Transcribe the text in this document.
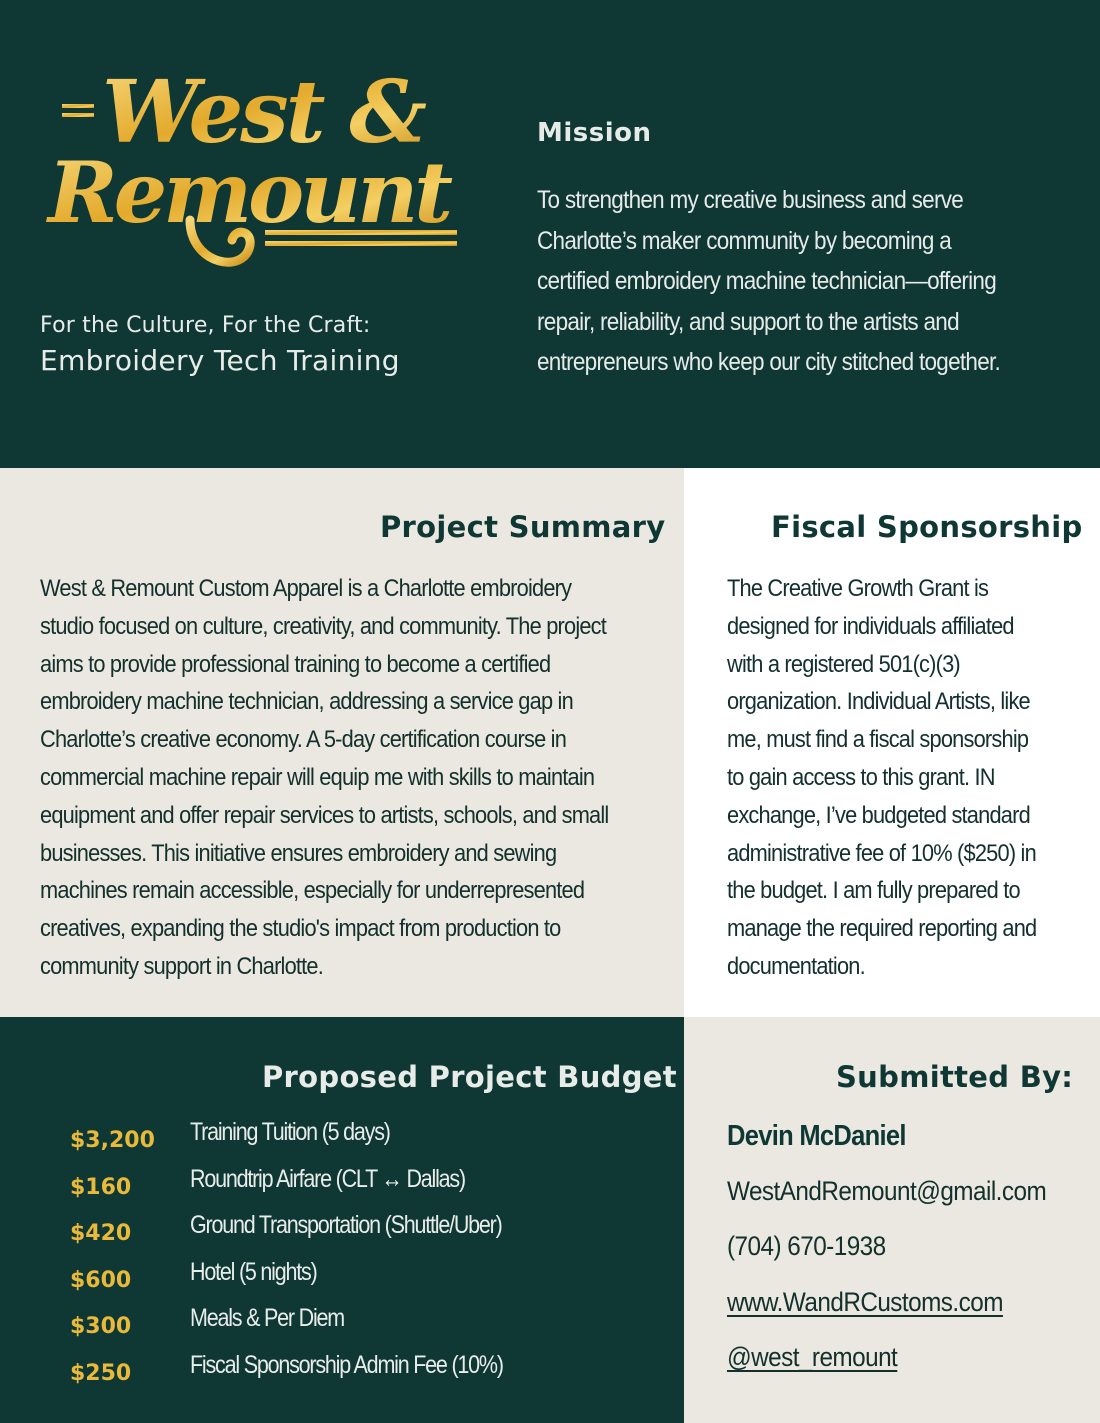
West &
Remount
For the Culture, For the Craft:
Embroidery Tech Training
Mission
To strengthen my creative business and serve
Charlotte’s maker community by becoming a
certified embroidery machine technician—offering
repair, reliability, and support to the artists and
entrepreneurs who keep our city stitched together.
Project Summary
West & Remount Custom Apparel is a Charlotte embroidery
studio focused on culture, creativity, and community. The project
aims to provide professional training to become a certified
embroidery machine technician, addressing a service gap in
Charlotte’s creative economy. A 5-day certification course in
commercial machine repair will equip me with skills to maintain
equipment and offer repair services to artists, schools, and small
businesses. This initiative ensures embroidery and sewing
machines remain accessible, especially for underrepresented
creatives, expanding the studio's impact from production to
community support in Charlotte.
Fiscal Sponsorship
The Creative Growth Grant is
designed for individuals affiliated
with a registered 501(c)(3)
organization. Individual Artists, like
me, must find a fiscal sponsorship
to gain access to this grant. IN
exchange, I’ve budgeted standard
administrative fee of 10% ($250) in
the budget. I am fully prepared to
manage the required reporting and
documentation.
Proposed Project Budget
$3,200 Training Tuition (5 days)
$160 Roundtrip Airfare (CLT ↔ Dallas)
$420 Ground Transportation (Shuttle/Uber)
$600 Hotel (5 nights)
$300 Meals & Per Diem
$250 Fiscal Sponsorship Admin Fee (10%)
Submitted By:
Devin McDaniel
WestAndRemount@gmail.com
(704) 670-1938
www.WandRCustoms.com
@west_remount
